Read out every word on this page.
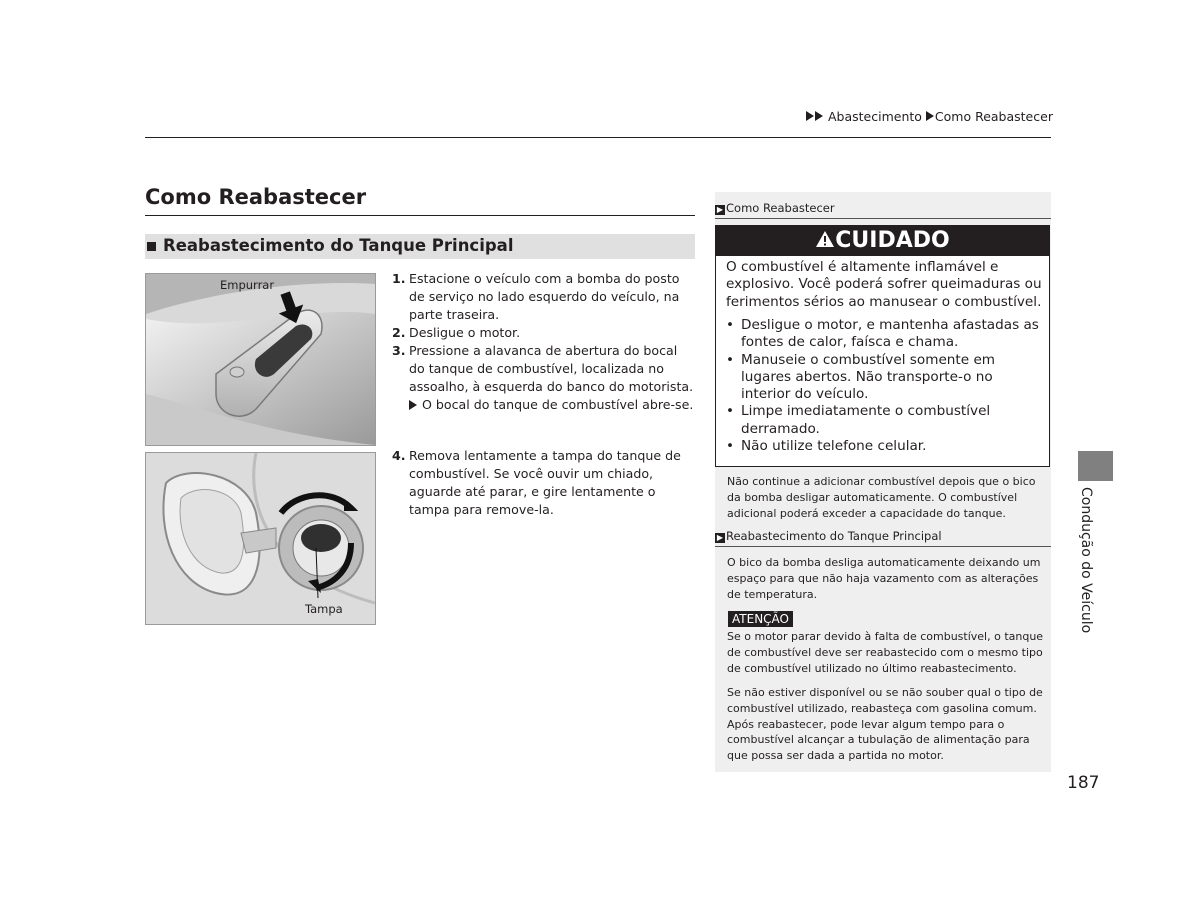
Abastecimento Como Reabastecer
Como Reabastecer
Reabastecimento do Tanque Principal
Empurrar
Tampa
1. Estacione o veículo com a bomba do posto de serviço no lado esquerdo do veículo, na parte traseira.
2. Desligue o motor.
3. Pressione a alavanca de abertura do bocal do tanque de combustível, localizada no assoalho, à esquerda do banco do motorista.
O bocal do tanque de combustível abre-se.
4. Remova lentamente a tampa do tanque de combustível. Se você ouvir um chiado, aguarde até parar, e gire lentamente o tampa para remove-la.
▶ Como Reabastecer
CUIDADO
O combustível é altamente inflamável e explosivo. Você poderá sofrer queimaduras ou ferimentos sérios ao manusear o combustível.
• Desligue o motor, e mantenha afastadas as fontes de calor, faísca e chama.
• Manuseie o combustível somente em lugares abertos. Não transporte-o no interior do veículo.
• Limpe imediatamente o combustível derramado.
• Não utilize telefone celular.
Não continue a adicionar combustível depois que o bico da bomba desligar automaticamente. O combustível adicional poderá exceder a capacidade do tanque.
▶ Reabastecimento do Tanque Principal
O bico da bomba desliga automaticamente deixando um espaço para que não haja vazamento com as alterações de temperatura.
ATENÇÃO
Se o motor parar devido à falta de combustível, o tanque de combustível deve ser reabastecido com o mesmo tipo de combustível utilizado no último reabastecimento.
Se não estiver disponível ou se não souber qual o tipo de combustível utilizado, reabasteça com gasolina comum. Após reabastecer, pode levar algum tempo para o combustível alcançar a tubulação de alimentação para que possa ser dada a partida no motor.
Condução do Veículo
187
